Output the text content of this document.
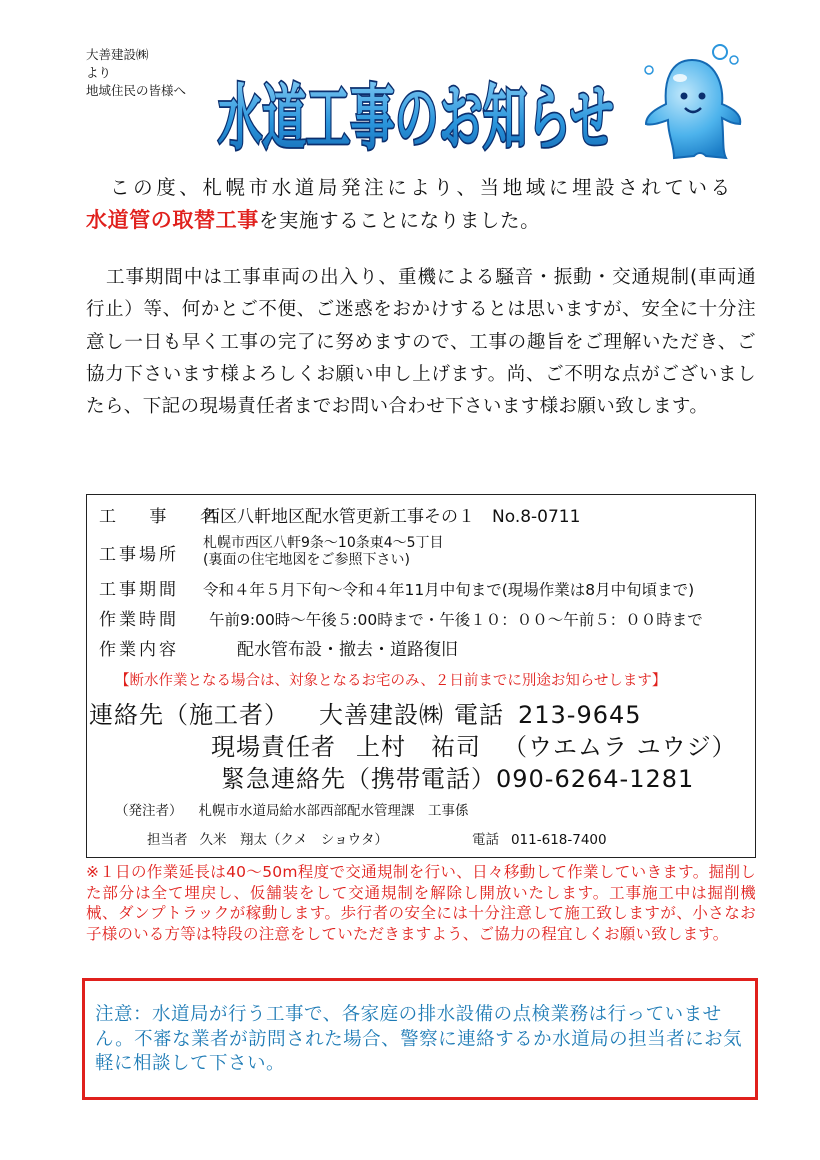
大善建設㈱
より
地域住民の皆様へ 水道工事のお知らせ
この度、札幌市水道局発注により、当地域に埋設されている
水道管の取替工事を実施することになりました。
工事期間中は工事車両の出入り、重機による騒音・振動・交通規制(車両通行止）等、何かとご不便、ご迷惑をおかけするとは思いますが、安全に十分注意し一日も早く工事の完了に努めますので、工事の趣旨をご理解いただき、ご協力下さいます様よろしくお願い申し上げます。尚、ご不明な点がございましたら、下記の現場責任者までお問い合わせ下さいます様お願い致します。
工 事 名西区八軒地区配水管更新工事その１　No.8-0711
工事場所
札幌市西区八軒9条～10条東4～5丁目
(裏面の住宅地図をご参照下さい)
工事期間 令和４年５月下旬～令和４年11月中旬まで(現場作業は8月中旬頃まで)
作業時間 午前9:00時～午後５:00時まで・午後１０：００～午前５：００時まで
作業内容	配水管布設・撤去・道路復旧
【断水作業となる場合は、対象となるお宅のみ、２日前までに別途お知らせします】
連絡先（施工者） 大善建設㈱ 電話 213-9645
現場責任者 上村　祐司 （ウエムラ ユウジ）
緊急連絡先（携帯電話）090-6264-1281
（発注者） 札幌市水道局給水部西部配水管理課　工事係
担当者 久米　翔太（クメ　ショウタ）	電話 011-618-7400
※１日の作業延長は40～50m程度で交通規制を行い、日々移動して作業していきます。掘削した部分は全て埋戻し、仮舗装をして交通規制を解除し開放いたします。工事施工中は掘削機械、ダンプトラックが稼動します。歩行者の安全には十分注意して施工致しますが、小さなお子様のいる方等は特段の注意をしていただきますよう、ご協力の程宜しくお願い致します。
注意：水道局が行う工事で、各家庭の排水設備の点検業務は行っていません。不審な業者が訪問された場合、警察に連絡するか水道局の担当者にお気軽に相談して下さい。
